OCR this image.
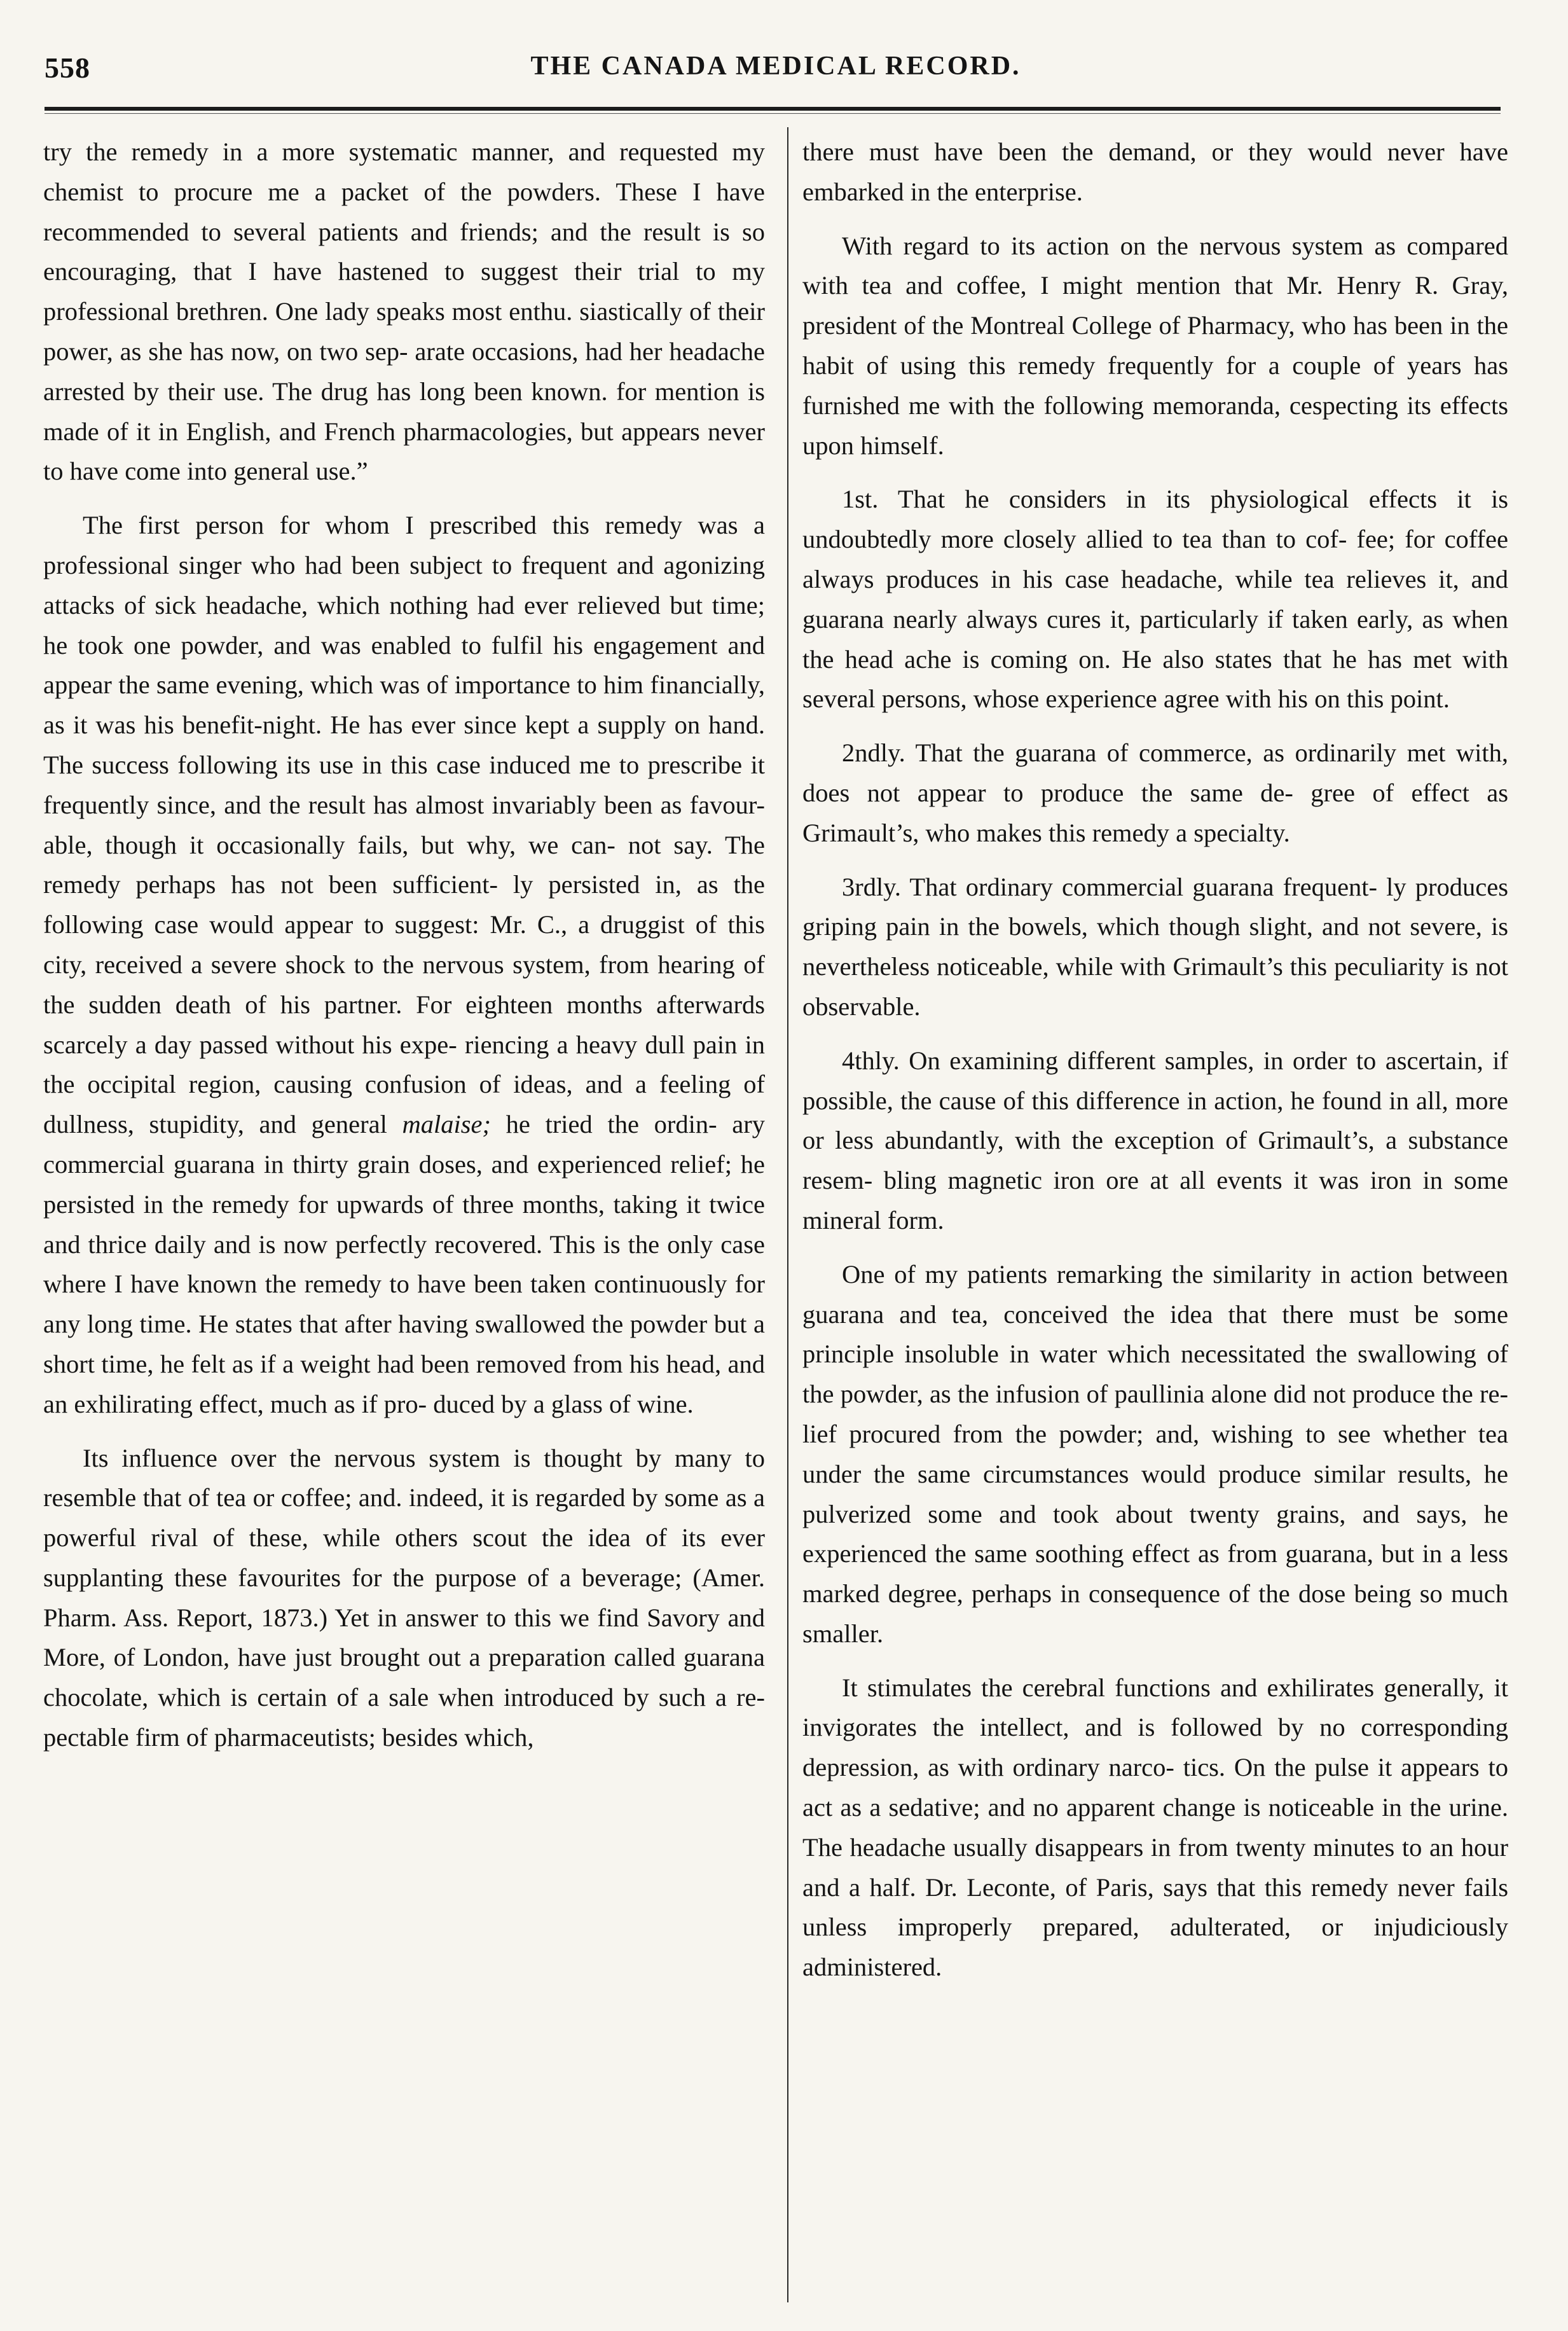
558	THE CANADA MEDICAL RECORD.

try the remedy in a more systematic manner, and requested my chemist to procure me a packet of the powders. These I have recommended to several patients and friends; and the result is so encouraging, that I have hastened to suggest their trial to my professional brethren. One lady speaks most enthu. siastically of their power, as she has now, on two sep- arate occasions, had her headache arrested by their use. The drug has long been known. for mention is made of it in English, and French pharmacologies, but appears never to have come into general use.”

The first person for whom I prescribed this remedy was a professional singer who had been subject to frequent and agonizing attacks of sick headache, which nothing had ever relieved but time; he took one powder, and was enabled to fulfil his engagement and appear the same evening, which was of importance to him financially, as it was his benefit-night. He has ever since kept a supply on hand. The success following its use in this case induced me to prescribe it frequently since, and the result has almost invariably been as favour- able, though it occasionally fails, but why, we can- not say. The remedy perhaps has not been sufficient- ly persisted in, as the following case would appear to suggest: Mr. C., a druggist of this city, received a severe shock to the nervous system, from hearing of the sudden death of his partner. For eighteen months afterwards scarcely a day passed without his expe- riencing a heavy dull pain in the occipital region, causing confusion of ideas, and a feeling of dullness, stupidity, and general malaise; he tried the ordin- ary commercial guarana in thirty grain doses, and experienced relief; he persisted in the remedy for upwards of three months, taking it twice and thrice daily and is now perfectly recovered. This is the only case where I have known the remedy to have been taken continuously for any long time. He states that after having swallowed the powder but a short time, he felt as if a weight had been removed from his head, and an exhilirating effect, much as if pro- duced by a glass of wine.

Its influence over the nervous system is thought by many to resemble that of tea or coffee; and. indeed, it is regarded by some as a powerful rival of these, while others scout the idea of its ever supplanting these favourites for the purpose of a beverage; (Amer. Pharm. Ass. Report, 1873.) Yet in answer to this we find Savory and More, of London, have just brought out a preparation called guarana chocolate, which is certain of a sale when introduced by such a re-pectable firm of pharmaceutists; besides which,

there must have been the demand, or they would never have embarked in the enterprise.

With regard to its action on the nervous system as compared with tea and coffee, I might mention that Mr. Henry R. Gray, president of the Montreal College of Pharmacy, who has been in the habit of using this remedy frequently for a couple of years has furnished me with the following memoranda, cespecting its effects upon himself.

1st. That he considers in its physiological effects it is undoubtedly more closely allied to tea than to cof- fee; for coffee always produces in his case headache, while tea relieves it, and guarana nearly always cures it, particularly if taken early, as when the head ache is coming on. He also states that he has met with several persons, whose experience agree with his on this point.

2ndly. That the guarana of commerce, as ordinarily met with, does not appear to produce the same de- gree of effect as Grimault’s, who makes this remedy a specialty.

3rdly. That ordinary commercial guarana frequent- ly produces griping pain in the bowels, which though slight, and not severe, is nevertheless noticeable, while with Grimault’s this peculiarity is not observable.

4thly. On examining different samples, in order to ascertain, if possible, the cause of this difference in action, he found in all, more or less abundantly, with the exception of Grimault’s, a substance resem- bling magnetic iron ore at all events it was iron in some mineral form.

One of my patients remarking the similarity in action between guarana and tea, conceived the idea that there must be some principle insoluble in water which necessitated the swallowing of the powder, as the infusion of paullinia alone did not produce the re- lief procured from the powder; and, wishing to see whether tea under the same circumstances would produce similar results, he pulverized some and took about twenty grains, and says, he experienced the same soothing effect as from guarana, but in a less marked degree, perhaps in consequence of the dose being so much smaller.

It stimulates the cerebral functions and exhilirates generally, it invigorates the intellect, and is followed by no corresponding depression, as with ordinary narco- tics. On the pulse it appears to act as a sedative; and no apparent change is noticeable in the urine. The headache usually disappears in from twenty minutes to an hour and a half. Dr. Leconte, of Paris, says that this remedy never fails unless improperly prepared, adulterated, or injudiciously administered.
